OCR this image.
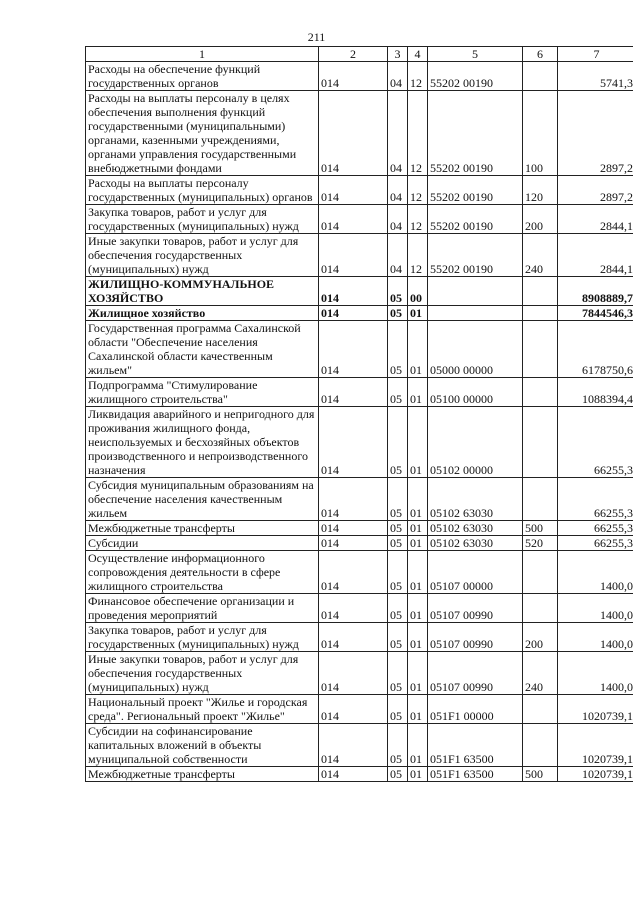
211
1	2	3	4	5	6	7
Расходы на обеспечение функций государственных органов	014	04	12	55202 00190		5741,3
Расходы на выплаты персоналу в целях обеспечения выполнения функций государственными (муниципальными) органами, казенными учреждениями, органами управления государственными внебюджетными фондами	014	04	12	55202 00190	100	2897,2
Расходы на выплаты персоналу государственных (муниципальных) органов	014	04	12	55202 00190	120	2897,2
Закупка товаров, работ и услуг для государственных (муниципальных) нужд	014	04	12	55202 00190	200	2844,1
Иные закупки товаров, работ и услуг для обеспечения государственных (муниципальных) нужд	014	04	12	55202 00190	240	2844,1
ЖИЛИЩНО-КОММУНАЛЬНОЕ ХОЗЯЙСТВО	014	05	00			8908889,7
Жилищное хозяйство	014	05	01			7844546,3
Государственная программа Сахалинской области "Обеспечение населения Сахалинской области качественным жильем"	014	05	01	05000 00000		6178750,6
Подпрограмма "Стимулирование жилищного строительства"	014	05	01	05100 00000		1088394,4
Ликвидация аварийного и непригодного для проживания жилищного фонда, неиспользуемых и бесхозяйных объектов производственного и непроизводственного назначения	014	05	01	05102 00000		66255,3
Субсидия муниципальным образованиям на обеспечение населения качественным жильем	014	05	01	05102 63030		66255,3
Межбюджетные трансферты	014	05	01	05102 63030	500	66255,3
Субсидии	014	05	01	05102 63030	520	66255,3
Осуществление информационного сопровождения деятельности в сфере жилищного строительства	014	05	01	05107 00000		1400,0
Финансовое обеспечение организации и проведения мероприятий	014	05	01	05107 00990		1400,0
Закупка товаров, работ и услуг для государственных (муниципальных) нужд	014	05	01	05107 00990	200	1400,0
Иные закупки товаров, работ и услуг для обеспечения государственных (муниципальных) нужд	014	05	01	05107 00990	240	1400,0
Национальный проект "Жилье и городская среда". Региональный проект "Жилье"	014	05	01	051F1 00000		1020739,1
Субсидии на софинансирование капитальных вложений в объекты муниципальной собственности	014	05	01	051F1 63500		1020739,1
Межбюджетные трансферты	014	05	01	051F1 63500	500	1020739,1
